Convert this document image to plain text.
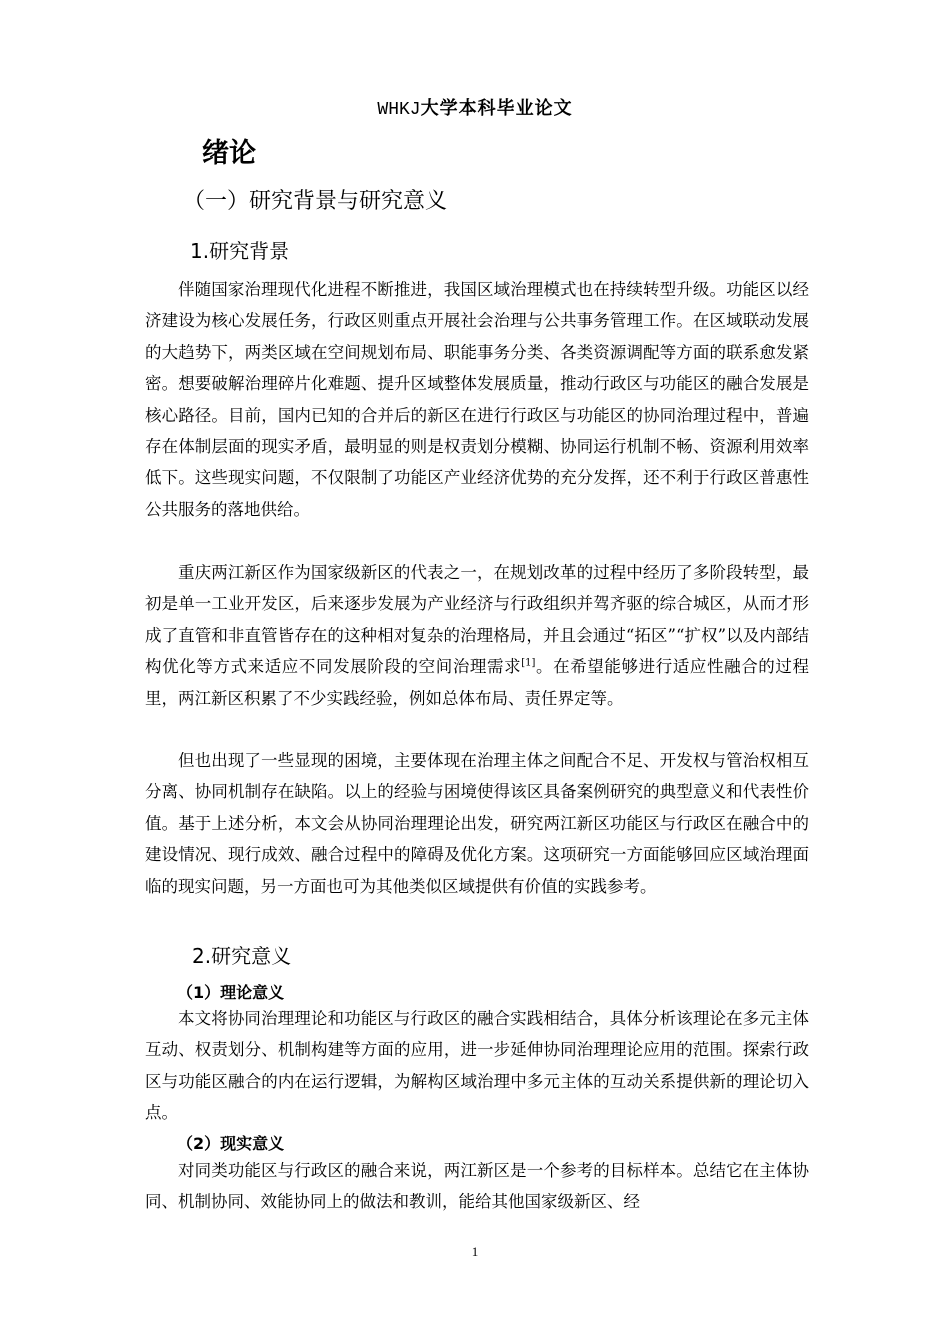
WHKJ大学本科毕业论文
绪论
（一）研究背景与研究意义
1.研究背景

伴随国家治理现代化进程不断推进，我国区域治理模式也在持续转型升级。功能区以经济建设为核心发展任务，行政区则重点开展社会治理与公共事务管理工作。在区域联动发展的大趋势下，两类区域在空间规划布局、职能事务分类、各类资源调配等方面的联系愈发紧密。想要破解治理碎片化难题、提升区域整体发展质量，推动行政区与功能区的融合发展是核心路径。目前，国内已知的合并后的新区在进行行政区与功能区的协同治理过程中，普遍存在体制层面的现实矛盾，最明显的则是权责划分模糊、协同运行机制不畅、资源利用效率低下。这些现实问题，不仅限制了功能区产业经济优势的充分发挥，还不利于行政区普惠性公共服务的落地供给。

重庆两江新区作为国家级新区的代表之一，在规划改革的过程中经历了多阶段转型，最初是单一工业开发区，后来逐步发展为产业经济与行政组织并驾齐驱的综合城区，从而才形成了直管和非直管皆存在的这种相对复杂的治理格局，并且会通过“拓区”“扩权”以及内部结构优化等方式来适应不同发展阶段的空间治理需求[1]。在希望能够进行适应性融合的过程里，两江新区积累了不少实践经验，例如总体布局、责任界定等。

但也出现了一些显现的困境，主要体现在治理主体之间配合不足、开发权与管治权相互分离、协同机制存在缺陷。以上的经验与困境使得该区具备案例研究的典型意义和代表性价值。基于上述分析，本文会从协同治理理论出发，研究两江新区功能区与行政区在融合中的建设情况、现行成效、融合过程中的障碍及优化方案。这项研究一方面能够回应区域治理面临的现实问题，另一方面也可为其他类似区域提供有价值的实践参考。

2.研究意义
（1）理论意义

本文将协同治理理论和功能区与行政区的融合实践相结合，具体分析该理论在多元主体互动、权责划分、机制构建等方面的应用，进一步延伸协同治理理论应用的范围。探索行政区与功能区融合的内在运行逻辑，为解构区域治理中多元主体的互动关系提供新的理论切入点。

（2）现实意义

对同类功能区与行政区的融合来说，两江新区是一个参考的目标样本。总结它在主体协同、机制协同、效能协同上的做法和教训，能给其他国家级新区、经

1
